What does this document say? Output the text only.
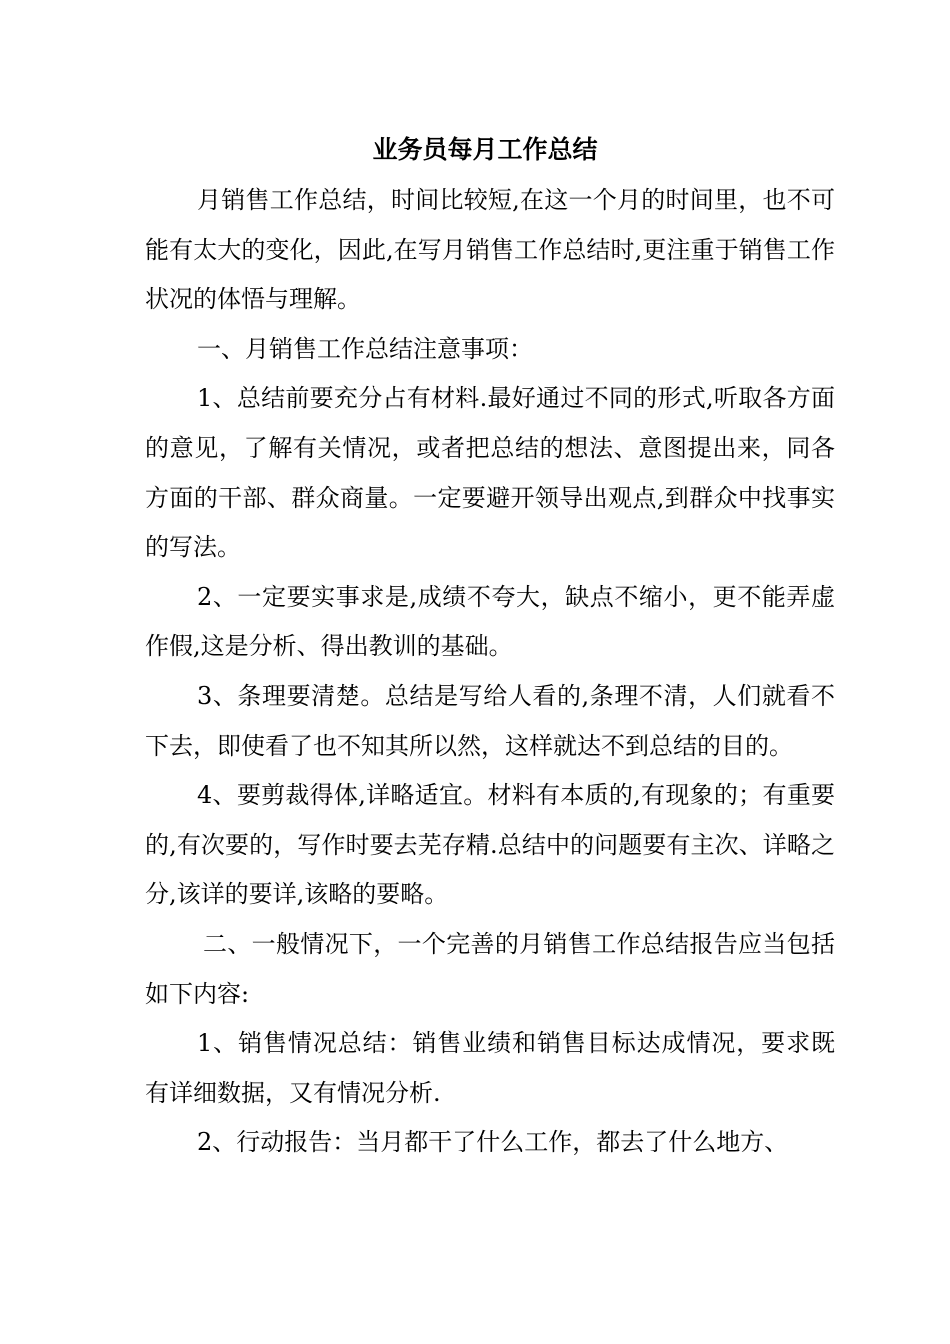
业务员每月工作总结

月销售工作总结，时间比较短,在这一个月的时间里，也不可能有太大的变化，因此,在写月销售工作总结时,更注重于销售工作状况的体悟与理解。

一、月销售工作总结注意事项：

1、总结前要充分占有材料.最好通过不同的形式,听取各方面的意见，了解有关情况，或者把总结的想法、意图提出来，同各方面的干部、群众商量。一定要避开领导出观点,到群众中找事实的写法。

2、一定要实事求是,成绩不夸大，缺点不缩小，更不能弄虚作假,这是分析、得出教训的基础。

3、条理要清楚。总结是写给人看的,条理不清，人们就看不下去，即使看了也不知其所以然，这样就达不到总结的目的。

4、要剪裁得体,详略适宜。材料有本质的,有现象的；有重要的,有次要的，写作时要去芜存精.总结中的问题要有主次、详略之分,该详的要详,该略的要略。

二、一般情况下，一个完善的月销售工作总结报告应当包括如下内容:

1、销售情况总结：销售业绩和销售目标达成情况，要求既有详细数据，又有情况分析.

2、行动报告：当月都干了什么工作，都去了什么地方、
